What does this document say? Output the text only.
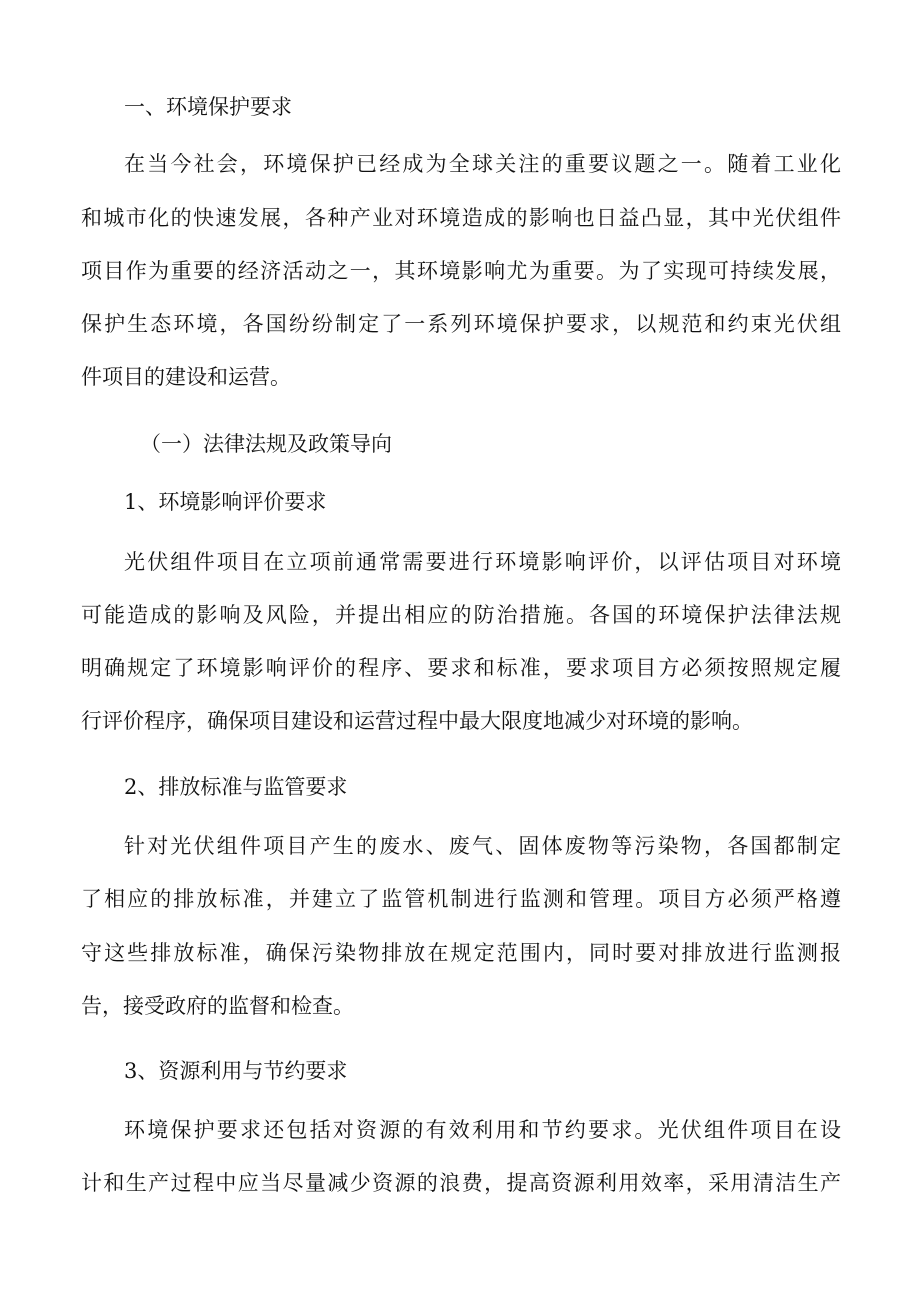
一、环境保护要求

在当今社会，环境保护已经成为全球关注的重要议题之一。随着工业化

和城市化的快速发展，各种产业对环境造成的影响也日益凸显，其中光伏组件

项目作为重要的经济活动之一，其环境影响尤为重要。为了实现可持续发展，

保护生态环境，各国纷纷制定了一系列环境保护要求，以规范和约束光伏组

件项目的建设和运营。

（一）法律法规及政策导向

1、环境影响评价要求

光伏组件项目在立项前通常需要进行环境影响评价，以评估项目对环境

可能造成的影响及风险，并提出相应的防治措施。各国的环境保护法律法规

明确规定了环境影响评价的程序、要求和标准，要求项目方必须按照规定履

行评价程序，确保项目建设和运营过程中最大限度地减少对环境的影响。

2、排放标准与监管要求

针对光伏组件项目产生的废水、废气、固体废物等污染物，各国都制定

了相应的排放标准，并建立了监管机制进行监测和管理。项目方必须严格遵

守这些排放标准，确保污染物排放在规定范围内，同时要对排放进行监测报

告，接受政府的监督和检查。

3、资源利用与节约要求

环境保护要求还包括对资源的有效利用和节约要求。光伏组件项目在设

计和生产过程中应当尽量减少资源的浪费，提高资源利用效率，采用清洁生产
